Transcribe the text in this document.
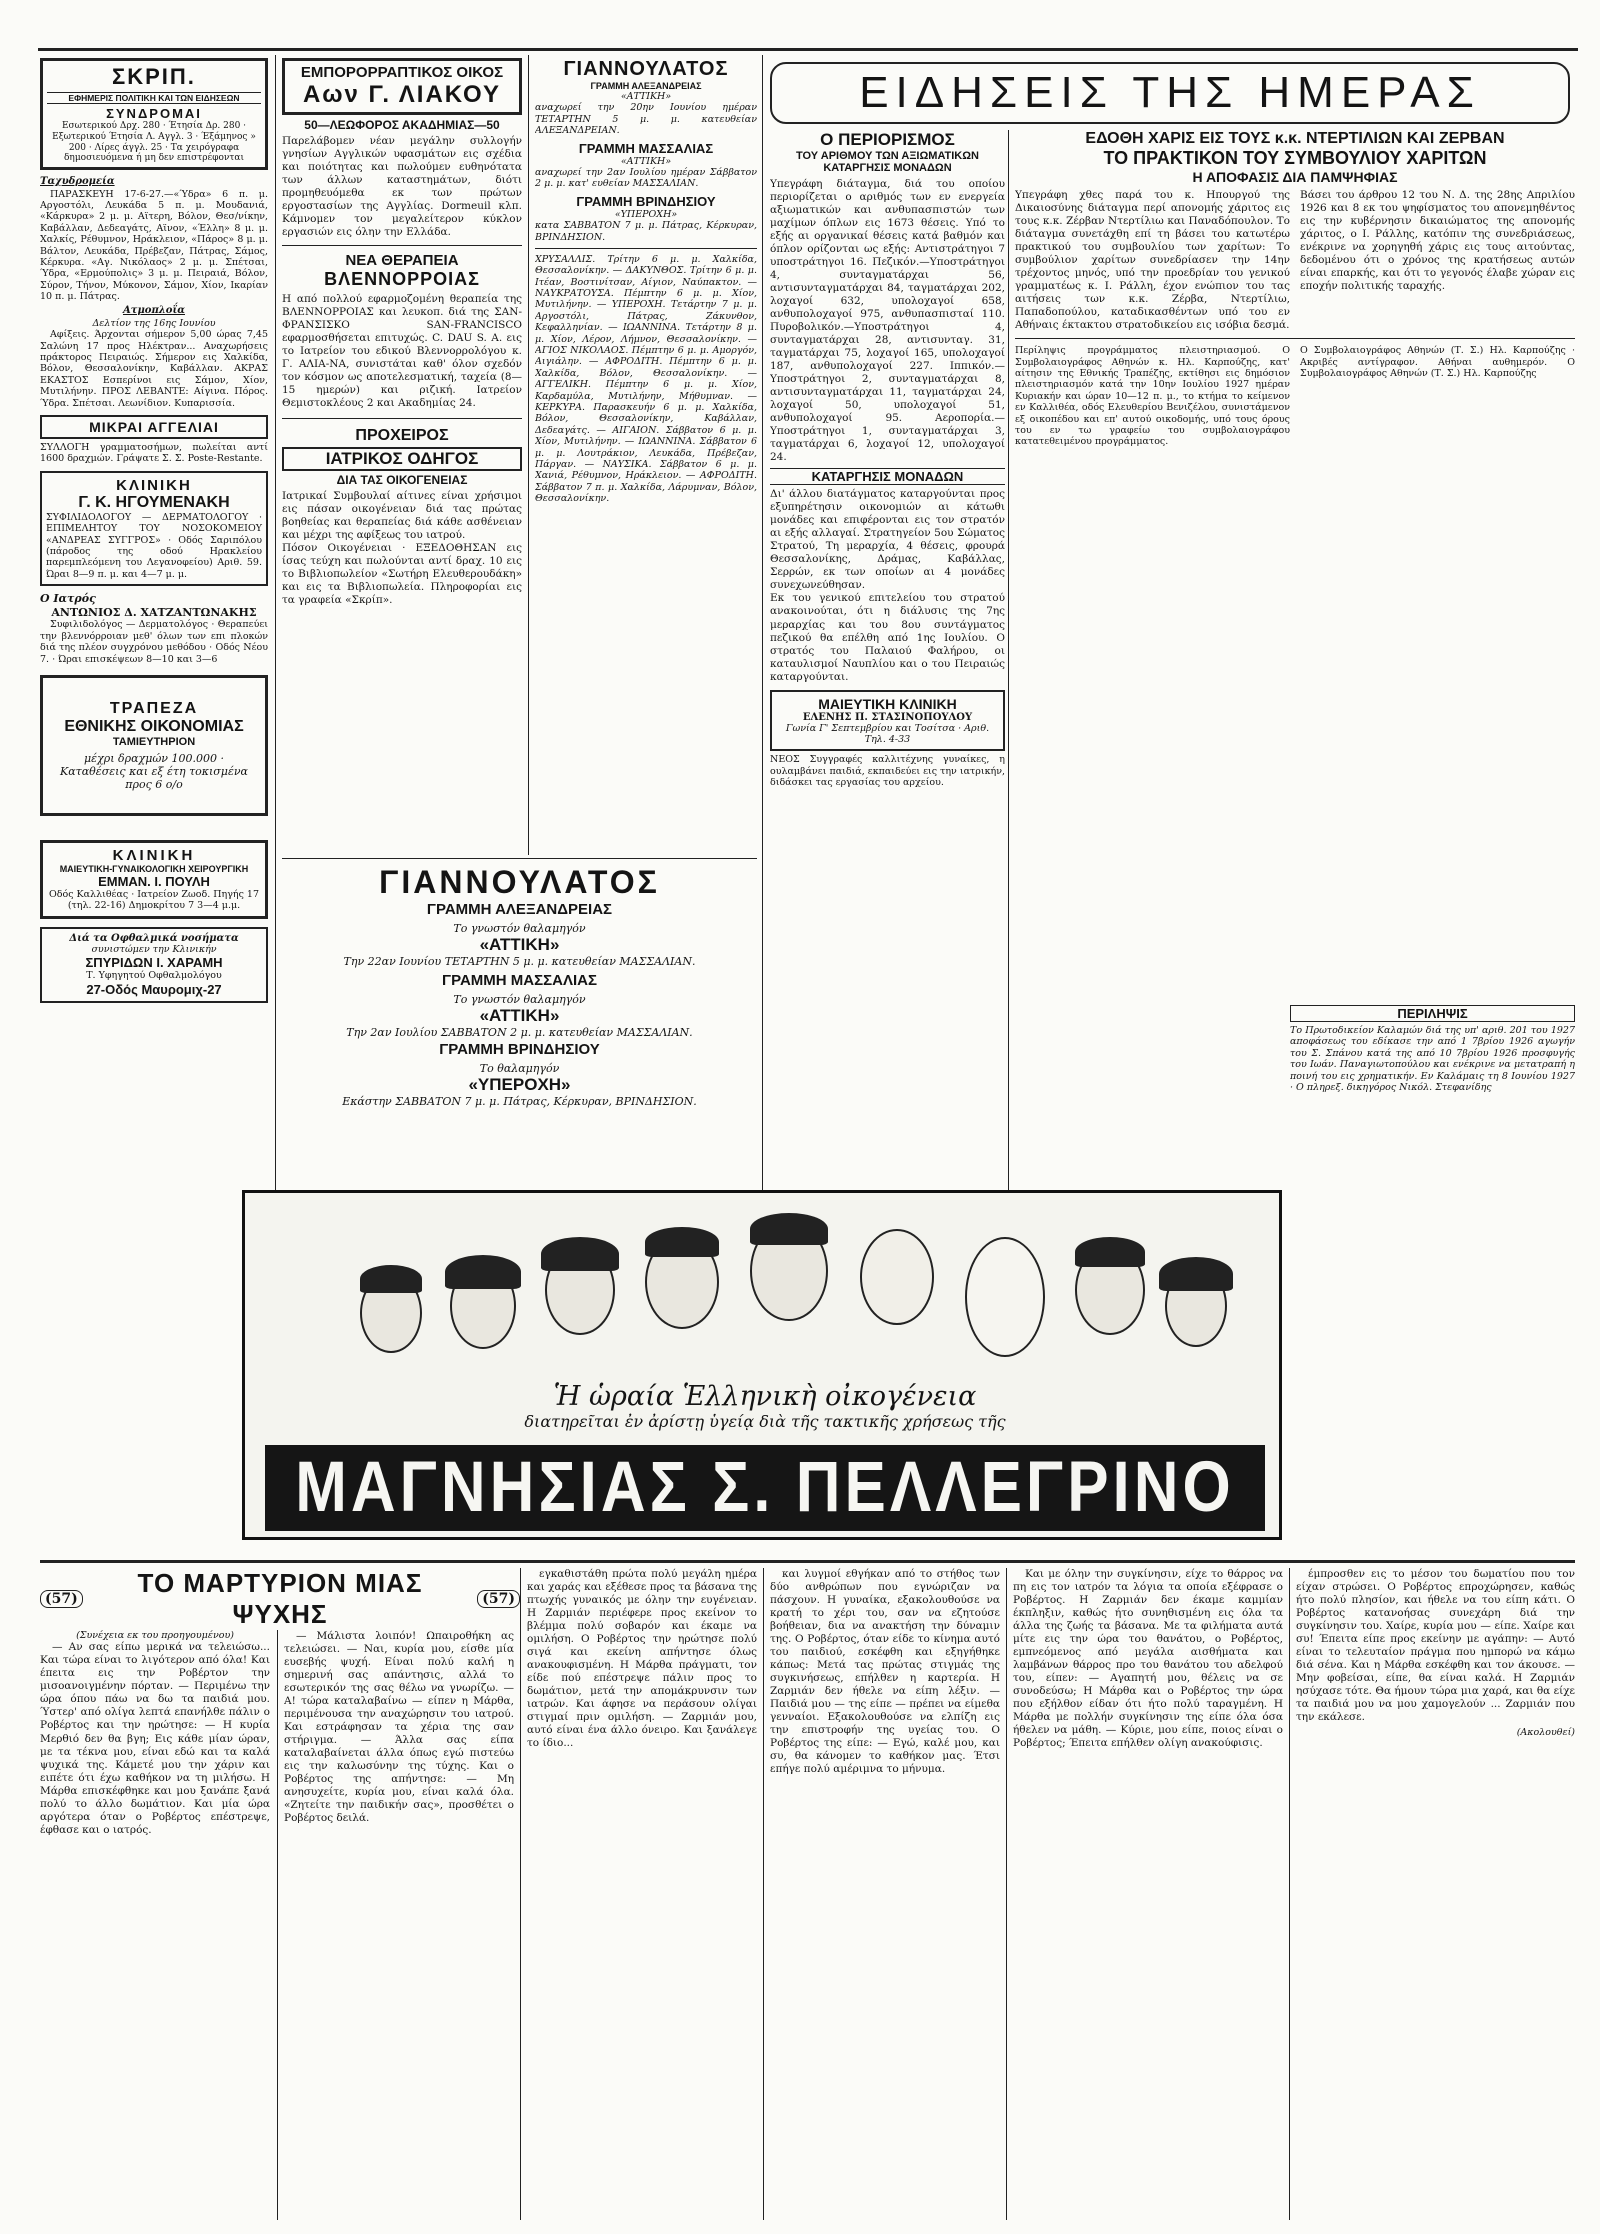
ΣΚΡΙΠ.
ΕΦΗΜΕΡΙΣ ΠΟΛΙΤΙΚΗ ΚΑΙ ΤΩΝ ΕΙΔΗΣΕΩΝ
ΣΥΝΔΡΟΜΑΙ
Εσωτερικού Δρχ. 280 · Έτησία Δρ. 280 · Εξωτερικού Έτησία Λ. Αγγλ. 3 · Έξάμηνος » 200 · Λίρες άγγλ. 25 · Τα χειρόγραφα δημοσιευόμενα ή μη δεν επιστρέφονται
Ταχυδρομεία

ΠΑΡΑΣΚΕΥΗ 17-6-27.—«Ύδρα» 6 π. μ. Αργοστόλι, Λευκάδα 5 π. μ. Μουδανιά, «Κάρκυρα» 2 μ. μ. Αϊτερη, Βόλον, Θεσ/νίκην, Καβάλλαν, Δεδεαγάτς, Αϊνον, «Έλλη» 8 μ. μ. Χαλκίς, Ρέθυμνον, Ηράκλειον, «Πάρος» 8 μ. μ. Βάλτον, Λευκάδα, Πρέβεζαν, Πάτρας, Σάμος, Κέρκυρα. «Αγ. Νικόλαος» 2 μ. μ. Σπέτσαι, Ύδρα, «Ερμούπολις» 3 μ. μ. Πειραιά, Βόλον, Σύρον, Τήνον, Μύκονον, Σάμον, Χίον, Ικαρίαν 10 π. μ. Πάτρας.

Ατμοπλοΐα
Δελτίον της 16ης Ιουνίου

Αφίξεις. Άρχονται σήμερον 5,00 ώρας 7,45 Σαλώνη 17 προς Ηλέκτραν... Αναχωρήσεις πράκτορος Πειραιώς. Σήμερον εις Χαλκίδα, Βόλον, Θεσσαλονίκην, Καβάλλαν. ΑΚΡΑΣ ΕΚΑΣΤΟΣ Εσπερίνοι εις Σάμον, Χίον, Μυτιλήνην. ΠΡΟΣ ΛΕΒΑΝΤΕ: Αίγινα. Πόρος. Ύδρα. Σπέτσαι. Λεωνίδιον. Κυπαρισσία.

ΜΙΚΡΑΙ ΑΓΓΕΛΙΑΙ

ΣΥΛΛΟΓΗ γραμματοσήμων, πωλείται αντί 1600 δραχμών. Γράψατε Σ. Σ. Poste-Restante.

ΚΛΙΝΙΚΗ
Γ. Κ. ΗΓΟΥΜΕΝΑΚΗ
ΣΥΦΙΛΙΔΟΛΟΓΟΥ — ΔΕΡΜΑΤΟΛΟΓΟΥ · ΕΠΙΜΕΛΗΤΟΥ ΤΟΥ ΝΟΣΟΚΟΜΕΙΟΥ «ΑΝΔΡΕΑΣ ΣΥΓΓΡΟΣ» · Οδός Σαριπόλου (πάροδος της οδού Ηρακλείου παρεμπλεόμενη του Λεγανοφείου) Αριθ. 59. Ώραι 8—9 π. μ. και 4—7 μ. μ.
Ο Ιατρός
ΑΝΤΩΝΙΟΣ Δ. ΧΑΤΖΑΝΤΩΝΑΚΗΣ

Συφιλιδολόγος — Δερματολόγος · Θεραπεύει την βλεννόρροιαν μεθ' όλων των επι πλοκών διά της πλέον συγχρόνου μεθόδου · Οδός Νέου 7. · Ώραι επισκέψεων 8—10 και 3—6

ΤΡΑΠΕΖΑ
ΕΘΝΙΚΗΣ ΟΙΚΟΝΟΜΙΑΣ
ΤΑΜΙΕΥΤΗΡΙΟΝ
μέχρι δραχμών 100.000 · Καταθέσεις και εξ έτη τοκισμένα προς 6 ο/ο
ΚΛΙΝΙΚΗ
ΜΑΙΕΥΤΙΚΗ-ΓΥΝΑΙΚΟΛΟΓΙΚΗ ΧΕΙΡΟΥΡΓΙΚΗ
ΕΜΜΑΝ. Ι. ΠΟΥΛΗ
Οδός Καλλιθέας · Ιατρείον Ζωοδ. Πηγής 17 (τηλ. 22-16) Δημοκρίτου 7 3—4 μ.μ.
Διά τα Οφθαλμικά νοσήματα
συνιστώμεν την Κλινικήν
ΣΠΥΡΙΔΩΝ Ι. ΧΑΡΑΜΗ
Τ. Υφηγητού Οφθαλμολόγου
27-Οδός Μαυρομιχ-27
ΕΜΠΟΡΟΡΡΑΠΤΙΚΟΣ ΟΙΚΟΣ
Αων Γ. ΛΙΑΚΟΥ
50—ΛΕΩΦΟΡΟΣ ΑΚΑΔΗΜΙΑΣ—50

Παρελάβομεν νέαν μεγάλην συλλογήν γνησίων Αγγλικών υφασμάτων εις σχέδια και ποιότητας και πωλούμεν ευθηνότατα των άλλων καταστημάτων, διότι προμηθευόμεθα εκ των πρώτων εργοστασίων της Αγγλίας. Dormeuil κλπ. Κάμνομεν τον μεγαλείτερον κύκλον εργασιών εις όλην την Ελλάδα.

ΝΕΑ ΘΕΡΑΠΕΙΑ
ΒΛΕΝΝΟΡΡΟΙΑΣ

Η από πολλού εφαρμοζομένη θεραπεία της ΒΛΕΝΝΟΡΡΟΙΑΣ και λευκοπ. διά της ΣΑΝ-ΦΡΑΝΣΙΣΚΟ SAN-FRANCISCO εφαρμοσθήσεται επιτυχώς. C. DAU S. A. εις το Ιατρείον του εδικού Βλεννορρολόγου κ. Γ. ΑΛΙΑ-ΝΑ, συνιστάται καθ' όλον σχεδόν τον κόσμον ως αποτελεσματική, ταχεία (8—15 ημερών) και ριζική. Ιατρείον Θεμιστοκλέους 2 και Ακαδημίας 24.

ΠΡΟΧΕΙΡΟΣ
ΙΑΤΡΙΚΟΣ ΟΔΗΓΟΣ
ΔΙΑ ΤΑΣ ΟΙΚΟΓΕΝΕΙΑΣ

Ιατρικαί Συμβουλαί αίτινες είναι χρήσιμοι εις πάσαν οικογένειαν διά τας πρώτας βοηθείας και θεραπείας διά κάθε ασθένειαν και μέχρι της αφίξεως του ιατρού.

Πόσον Οικογένειαι · ΕΞΕΔΟΘΗΣΑΝ εις ίσας τεύχη και πωλούνται αντί δραχ. 10 εις το Βιβλιοπωλείον «Σωτήρη Ελευθερουδάκη» και εις τα Βιβλιοπωλεία. Πληροφορίαι εις τα γραφεία «Σκρίπ».

ΓΙΑΝΝΟΥΛΑΤΟΣ
ΓΡΑΜΜΗ ΑΛΕΞΑΝΔΡΕΙΑΣ
«ΑΤΤΙΚΗ»

αναχωρεί την 20ην Ιουνίου ημέραν ΤΕΤΑΡΤΗΝ 5 μ. μ. κατευθείαν ΑΛΕΞΑΝΔΡΕΙΑΝ.

ΓΡΑΜΜΗ ΜΑΣΣΑΛΙΑΣ
«ΑΤΤΙΚΗ»

αναχωρεί την 2αν Ιουλίου ημέραν Σάββατον 2 μ. μ. κατ' ευθείαν ΜΑΣΣΑΛΙΑΝ.

ΓΡΑΜΜΗ ΒΡΙΝΔΗΣΙΟΥ
«ΥΠΕΡΟΧΗ»

κατα ΣΑΒΒΑΤΟΝ 7 μ. μ. Πάτρας, Κέρκυραν, ΒΡΙΝΔΗΣΙΟΝ.

ΧΡΥΣΑΛΛΙΣ. Τρίτην 6 μ. μ. Χαλκίδα, Θεσσαλονίκην. — ΔΑΚΥΝΘΟΣ. Τρίτην 6 μ. μ. Ιτέαν, Βοστινίτσαν, Αίγιον, Ναύπακτον. — ΝΑΥΚΡΑΤΟΥΣΑ. Πέμπτην 6 μ. μ. Χίον, Μυτιλήνην. — ΥΠΕΡΟΧΗ. Τετάρτην 7 μ. μ. Αργοστόλι, Πάτρας, Ζάκυνθον, Κεφαλληνίαν. — ΙΩΑΝΝΙΝΑ. Τετάρτην 8 μ. μ. Χίον, Λέρον, Λήμνον, Θεσσαλονίκην. — ΑΓΙΟΣ ΝΙΚΟΛΑΟΣ. Πέμπτην 6 μ. μ. Αμοργόν, Αιγιάλην. — ΑΦΡΟΔΙΤΗ. Πέμπτην 6 μ. μ. Χαλκίδα, Βόλον, Θεσσαλονίκην. — ΑΓΓΕΛΙΚΗ. Πέμπτην 6 μ. μ. Χίον, Καρδαμύλα, Μυτιλήνην, Μήθυμναν. — ΚΕΡΚΥΡΑ. Παρασκευήν 6 μ. μ. Χαλκίδα, Βόλον, Θεσσαλονίκην, Καβάλλαν, Δεδεαγάτς. — ΑΙΓΑΙΟΝ. Σάββατον 6 μ. μ. Χίον, Μυτιλήνην. — ΙΩΑΝΝΙΝΑ. Σάββατον 6 μ. μ. Λουτράκιον, Λευκάδα, Πρέβεζαν, Πάργαν. — ΝΑΥΣΙΚΑ. Σάββατον 6 μ. μ. Χανιά, Ρέθυμνον, Ηράκλειον. — ΑΦΡΟΔΙΤΗ. Σάββατον 7 π. μ. Χαλκίδα, Λάρυμναν, Βόλον, Θεσσαλονίκην.

ΓΙΑΝΝΟΥΛΑΤΟΣ
ΓΡΑΜΜΗ ΑΛΕΞΑΝΔΡΕΙΑΣ
Το γνωστόν θαλαμηγόν
«ΑΤΤΙΚΗ»
Την 22αν Ιουνίου ΤΕΤΑΡΤΗΝ 5 μ. μ. κατευθείαν ΜΑΣΣΑΛΙΑΝ.
ΓΡΑΜΜΗ ΜΑΣΣΑΛΙΑΣ
Το γνωστόν θαλαμηγόν
«ΑΤΤΙΚΗ»
Την 2αν Ιουλίου ΣΑΒΒΑΤΟΝ 2 μ. μ. κατευθείαν ΜΑΣΣΑΛΙΑΝ.
ΓΡΑΜΜΗ ΒΡΙΝΔΗΣΙΟΥ
Το θαλαμηγόν
«ΥΠΕΡΟΧΗ»
Εκάστην ΣΑΒΒΑΤΟΝ 7 μ. μ. Πάτρας, Κέρκυραν, ΒΡΙΝΔΗΣΙΟΝ.
ΕΙΔΗΣΕΙΣ ΤΗΣ ΗΜΕΡΑΣ
Ο ΠΕΡΙΟΡΙΣΜΟΣ
ΤΟΥ ΑΡΙΘΜΟΥ ΤΩΝ ΑΞΙΩΜΑΤΙΚΩΝ ΚΑΤΑΡΓΗΣΙΣ ΜΟΝΑΔΩΝ

Υπεγράφη διάταγμα, διά του οποίου περιορίζεται ο αριθμός των εν ενεργεία αξιωματικών και ανθυπασπιστών των μαχίμων όπλων εις 1673 θέσεις. Υπό το εξής αι οργανικαί θέσεις κατά βαθμόν και όπλον ορίζονται ως εξής: Αντιστράτηγοι 7 υποστράτηγοι 16. Πεζικόν.—Υποστράτηγοι 4, συνταγματάρχαι 56, αντισυνταγματάρχαι 84, ταγματάρχαι 202, λοχαγοί 632, υπολοχαγοί 658, ανθυπολοχαγοί 975, ανθυπασπισταί 110. Πυροβολικόν.—Υποστράτηγοι 4, συνταγματάρχαι 28, αντισυνταγ. 31, ταγματάρχαι 75, λοχαγοί 165, υπολοχαγοί 187, ανθυπολοχαγοί 227. Ιππικόν.—Υποστράτηγοι 2, συνταγματάρχαι 8, αντισυνταγματάρχαι 11, ταγματάρχαι 24, λοχαγοί 50, υπολοχαγοί 51, ανθυπολοχαγοί 95. Αεροπορία.—Υποστράτηγοι 1, συνταγματάρχαι 3, ταγματάρχαι 6, λοχαγοί 12, υπολοχαγοί 24.

ΚΑΤΑΡΓΗΣΙΣ ΜΟΝΑΔΩΝ

Δι' άλλου διατάγματος καταργούνται προς εξυπηρέτησιν οικονομιών αι κάτωθι μονάδες και επιφέρονται εις τον στρατόν αι εξής αλλαγαί. Στρατηγείον 5ου Σώματος Στρατού, Τη μεραρχία, 4 θέσεις, φρουρά Θεσσαλονίκης, Δράμας, Καβάλλας, Σερρών, εκ των οποίων αι 4 μονάδες συνεχωνεύθησαν.

Εκ του γενικού επιτελείου του στρατού ανακοινούται, ότι η διάλυσις της 7ης μεραρχίας και του 8ου συντάγματος πεζικού θα επέλθη από 1ης Ιουλίου. Ο στρατός του Παλαιού Φαλήρου, οι καταυλισμοί Ναυπλίου και ο του Πειραιώς καταργούνται.

ΜΑΙΕΥΤΙΚΗ ΚΛΙΝΙΚΗ
ΕΛΕΝΗΣ Π. ΣΤΑΣΙΝΟΠΟΥΛΟΥ
Γωνία Γ' Σεπτεμβρίου και Τοσίτσα · Αριθ. Τηλ. 4-33

ΝΕΟΣ Συγγραφές καλλιτέχνης γυναίκες, η ουλαμβάνει παιδιά, εκπαιδεύει εις την ιατρικήν, διδάσκει τας εργασίας του αρχείου.

ΕΔΟΘΗ ΧΑΡΙΣ ΕΙΣ ΤΟΥΣ κ.κ. ΝΤΕΡΤΙΛΙΩΝ ΚΑΙ ΖΕΡΒΑΝ
ΤΟ ΠΡΑΚΤΙΚΟΝ ΤΟΥ ΣΥΜΒΟΥΛΙΟΥ ΧΑΡΙΤΩΝ
Η ΑΠΟΦΑΣΙΣ ΔΙΑ ΠΑΜΨΗΦΙΑΣ

Υπεγράφη χθες παρά του κ. Ηπουργού της Δικαιοσύνης διάταγμα περί απονομής χάριτος εις τους κ.κ. Ζέρβαν Ντερτίλιω και Παναδόπουλον. Το διάταγμα συνετάχθη επί τη βάσει του κατωτέρω πρακτικού του συμβουλίου των χαρίτων: Το συμβούλιον χαρίτων συνεδρίασεν την 14ην τρέχοντος μηνός, υπό την προεδρίαν του γενικού γραμματέως κ. Ι. Ράλλη, έχον ενώπιον του τας αιτήσεις των κ.κ. Ζέρβα, Ντερτίλιω, Παπαδοπούλου, καταδικασθέντων υπό του εν Αθήναις έκτακτου στρατοδικείου εις ισόβια δεσμά.

Βάσει του άρθρου 12 του Ν. Δ. της 28ης Απριλίου 1926 και 8 εκ του ψηφίσματος του απονεμηθέντος εις την κυβέρνησιν δικαιώματος της απονομής χάριτος, ο Ι. Ράλλης, κατόπιν της συνεδριάσεως, ενέκρινε να χορηγηθή χάρις εις τους αιτούντας, δεδομένου ότι ο χρόνος της κρατήσεως αυτών είναι επαρκής, και ότι το γεγονός έλαβε χώραν εις εποχήν πολιτικής ταραχής.

Περίληψις προγράμματος πλειστηριασμού. Ο Συμβολαιογράφος Αθηνών κ. Ηλ. Καρπούζης, κατ' αίτησιν της Εθνικής Τραπέζης, εκτίθησι εις δημόσιον πλειστηριασμόν κατά την 10ην Ιουλίου 1927 ημέραν Κυριακήν και ώραν 10—12 π. μ., το κτήμα το κείμενον εν Καλλιθέα, οδός Ελευθερίου Βενιζέλου, συνιστάμενον εξ οικοπέδου και επ' αυτού οικοδομής, υπό τους όρους του εν τω γραφείω του συμβολαιογράφου κατατεθειμένου προγράμματος.

Ο Συμβολαιογράφος Αθηνών (Τ. Σ.) Ηλ. Καρπούζης · Ακριβές αντίγραφον. Αθήναι αυθημερόν. Ο Συμβολαιογράφος Αθηνών (Τ. Σ.) Ηλ. Καρπούζης

ΠΕΡΙΛΗΨΙΣ

Το Πρωτοδικείον Καλαμών διά της υπ' αριθ. 201 του 1927 αποφάσεως του εδίκασε την από 1 7βρίου 1926 αγωγήν του Σ. Σπάνου κατά της από 10 7βρίου 1926 προσφυγής του Ιωάν. Παναγιωτοπούλου και ενέκρινε να μετατραπή η ποινή του εις χρηματικήν. Εν Καλάμαις τη 8 Ιουνίου 1927 · Ο πληρεξ. δικηγόρος Νικόλ. Στεφανίδης

Ἡ ὡραία Ἑλληνικὴ οἰκογένεια
διατηρεῖται ἐν ἀρίστῃ ὑγείᾳ διὰ τῆς τακτικῆς χρήσεως τῆς
ΜΑΓΝΗΣΙΑΣ Σ. ΠΕΛΛΕΓΡΙΝΟ
(57)
ΤΟ ΜΑΡΤΥΡΙΟΝ ΜΙΑΣ ΨΥΧΗΣ	(57)
(Συνέχεια εκ του προηγουμένου)

— Αν σας είπω μερικά να τελειώσω... Και τώρα είναι το λιγότερον από όλα! Και έπειτα εις την Ροβέρτον την μισοανοιγμένην πόρταν. — Περιμένω την ώρα όπου πάω να δω τα παιδιά μου. Ύστερ' από ολίγα λεπτά επανήλθε πάλιν ο Ροβέρτος και την ηρώτησε: — Η κυρία Μερθιό δεν θα βγη; Εις κάθε μίαν ώραν, με τα τέκνα μου, είναι εδώ και τα καλά ψυχικά της. Κάμετέ μου την χάριν και ειπέτε ότι έχω καθήκον να τη μιλήσω. Η Μάρθα επισκέφθηκε και μου ξανάπε ξανά πολύ το άλλο δωμάτιον. Και μία ώρα αργότερα όταν ο Ροβέρτος επέστρεψε, έφθασε και ο ιατρός.

— Μάλιστα λοιπόν! Ωπαιροθήκη ας τελειώσει. — Ναι, κυρία μου, είσθε μία ευσεβής ψυχή. Είναι πολύ καλή η σημερινή σας απάντησις, αλλά το εσωτερικόν της σας θέλω να γνωρίζω. — Α! τώρα καταλαβαίνω — είπεν η Μάρθα, περιμένουσα την αναχώρησιν του ιατρού. Και εστράφησαν τα χέρια της σαν στήριγμα. — Άλλα σας είπα καταλαβαίνεται άλλα όπως εγώ πιστεύω εις την καλωσύνην της τύχης. Και ο Ροβέρτος της απήντησε: — Μη ανησυχείτε, κυρία μου, είναι καλά όλα. «Ζητείτε την παιδικήν σας», προσθέτει ο Ροβέρτος δειλά.

εγκαθιστάθη πρώτα πολύ μεγάλη ημέρα και χαράς και εξέθεσε προς τα βάσανα της πτωχής γυναικός με όλην την ευγένειαν. Η Ζαρμιάν περιέφερε προς εκείνον το βλέμμα πολύ σοβαρόν και έκαμε να ομιλήση. Ο Ροβέρτος την ηρώτησε πολύ σιγά και εκείνη απήντησε όλως ανακουφισμένη. Η Μάρθα πράγματι, τον είδε πού επέστρεψε πάλιν προς το δωμάτιον, μετά την απομάκρυνσιν των ιατρών. Και άφησε να περάσουν ολίγαι στιγμαί πριν ομιλήση. — Ζαρμιάν μου, αυτό είναι ένα άλλο όνειρο. Και ξανάλεγε το ίδιο...

και λυγμοί εθγήκαν από το στήθος των δύο ανθρώπων που εγνώριζαν να πάσχουν. Η γυναίκα, εξακολουθούσε να κρατή το χέρι του, σαν να εζητούσε βοήθειαν, δια να ανακτήση την δύναμιν της. Ο Ροβέρτος, όταν είδε το κίνημα αυτό του παιδιού, εσκέφθη και εξηγήθηκε κάπως: Μετά τας πρώτας στιγμάς της συγκινήσεως, επήλθεν η καρτερία. Η Ζαρμιάν δεν ήθελε να είπη λέξιν. — Παιδιά μου — της είπε — πρέπει να είμεθα γενναίοι. Εξακολουθούσε να ελπίζη εις την επιστροφήν της υγείας του. Ο Ροβέρτος της είπε: — Εγώ, καλέ μου, και συ, θα κάνομεν το καθήκον μας. Έτσι επήγε πολύ αμέριμνα το μήνυμα.

Και με όλην την συγκίνησιν, είχε το θάρρος να πη εις τον ιατρόν τα λόγια τα οποία εξέφρασε ο Ροβέρτος. Η Ζαρμιάν δεν έκαμε καμμίαν έκπληξιν, καθώς ήτο συνηθισμένη εις όλα τα άλλα της ζωής τα βάσανα. Με τα φιλήματα αυτά μίτε εις την ώρα του θανάτου, ο Ροβέρτος, εμπνεόμενος από μεγάλα αισθήματα και λαμβάνων θάρρος προ του θανάτου του αδελφού του, είπεν: — Αγαπητή μου, θέλεις να σε συνοδεύσω; Η Μάρθα και ο Ροβέρτος την ώρα που εξήλθον είδαν ότι ήτο πολύ ταραγμένη. Η Μάρθα με πολλήν συγκίνησιν της είπε όλα όσα ήθελεν να μάθη. — Κύριε, μου είπε, ποιος είναι ο Ροβέρτος; Έπειτα επήλθεν ολίγη ανακούφισις.

έμπροσθεν εις το μέσον του δωματίου που τον είχαν στρώσει. Ο Ροβέρτος επροχώρησεν, καθώς ήτο πολύ πλησίον, και ήθελε να του είπη κάτι. Ο Ροβέρτος κατανοήσας συνεχάρη διά την συγκίνησιν του. Χαίρε, κυρία μου — είπε. Χαίρε και συ! Έπειτα είπε προς εκείνην με αγάπην: — Αυτό είναι το τελευταίον πράγμα που ημπορώ να κάμω διά σένα. Και η Μάρθα εσκέφθη και τον άκουσε. — Μην φοβείσαι, είπε, θα είναι καλά. Η Ζαρμιάν ησύχασε τότε. Θα ήμουν τώρα μια χαρά, και θα είχε τα παιδιά μου να μου χαμογελούν ... Ζαρμιάν που την εκάλεσε.

(Ακολουθεί)
